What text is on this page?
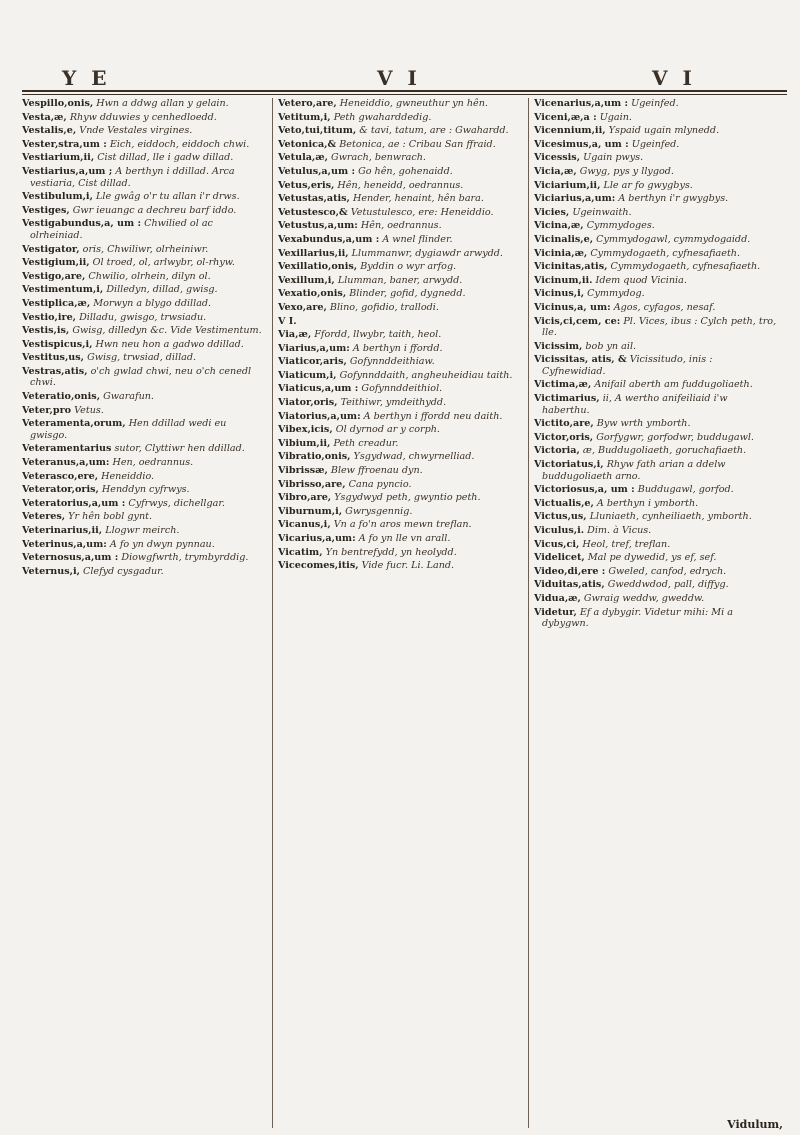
Y E	V I	V I
Vespillo,onis, Hwn a ddwg allan y gelain.
Vesta,æ, Rhyw dduwies y cenhedloedd.
Vestalis,e, Vnde Vestales virgines.
Vester,stra,um : Eich, eiddoch, eiddoch chwi.
Vestiarium,ii, Cist dillad, lle i gadw dillad.
Vestiarius,a,um ; A berthyn i ddillad. Arca vestiaria, Cist dillad.
Vestibulum,i, Lle gwâg o'r tu allan i'r drws.
Vestiges, Gwr ieuangc a dechreu barf iddo.
Vestigabundus,a, um : Chwilied ol ac olrheiniad.
Vestigator, oris, Chwiliwr, olrheiniwr.
Vestigium,ii, Ol troed, ol, arlwybr, ol-rhyw.
Vestigo,are, Chwilio, olrhein, dilyn ol.
Vestimentum,i, Dilledyn, dillad, gwisg.
Vestiplica,æ, Morwyn a blygo ddillad.
Vestio,ire, Dilladu, gwisgo, trwsiadu.
Vestis,is, Gwisg, dilledyn &c. Vide Vestimentum.
Vestispicus,i, Hwn neu hon a gadwo ddillad.
Vestitus,us, Gwisg, trwsiad, dillad.
Vestras,atis, o'ch gwlad chwi, neu o'ch cenedl chwi.
Veteratio,onis, Gwarafun.
Veter,pro Vetus.
Veteramenta,orum, Hen ddillad wedi eu gwisgo.
Veteramentarius sutor, Clyttiwr hen ddillad.
Veteranus,a,um: Hen, oedrannus.
Veterasco,ere, Heneiddio.
Veterator,oris, Henddyn cyfrwys.
Veteratorius,a,um : Cyfrwys, dichellgar.
Veteres, Yr hên bobl gynt.
Veterinarius,ii, Llogwr meirch.
Veterinus,a,um: A fo yn dwyn pynnau.
Veternosus,a,um : Diowgfwrth, trymbyrddig.
Veternus,i, Clefyd cysgadur.
Vetero,are, Heneiddio, gwneuthur yn hên.
Vetitum,i, Peth gwaharddedig.
Veto,tui,titum, & tavi, tatum, are : Gwahardd.
Vetonica,& Betonica, ae : Cribau San ffraid.
Vetula,æ, Gwrach, benwrach.
Vetulus,a,um : Go hên, gohenaidd.
Vetus,eris, Hên, heneidd, oedrannus.
Vetustas,atis, Hender, henaint, hên bara.
Vetustesco,& Vetustulesco, ere: Heneiddio.
Vetustus,a,um: Hên, oedrannus.
Vexabundus,a,um : A wnel flinder.
Vexillarius,ii, Llummanwr, dygiawdr arwydd.
Vexillatio,onis, Byddin o wyr arfog.
Vexillum,i, Llumman, baner, arwydd.
Vexatio,onis, Blinder, gofid, dygnedd.
Vexo,are, Blino, gofidio, trallodi.
V I.
Via,æ, Ffordd, llwybr, taith, heol.
Viarius,a,um: A berthyn i ffordd.
Viaticor,aris, Gofynnddeithiaw.
Viaticum,i, Gofynnddaith, angheuheidiau taith.
Viaticus,a,um : Gofynnddeithiol.
Viator,oris, Teithiwr, ymdeithydd.
Viatorius,a,um: A berthyn i ffordd neu daith.
Vibex,icis, Ol dyrnod ar y corph.
Vibium,ii, Peth creadur.
Vibratio,onis, Ysgydwad, chwyrnelliad.
Vibrissæ, Blew ffroenau dyn.
Vibrisso,are, Cana pyncio.
Vibro,are, Ysgydwyd peth, gwyntio peth.
Viburnum,i, Gwrysgennig.
Vicanus,i, Vn a fo'n aros mewn treflan.
Vicarius,a,um: A fo yn lle vn arall.
Vicatim, Yn bentrefydd, yn heolydd.
Vicecomes,itis, Vide fucr. Li. Land.
Vicenarius,a,um : Ugeinfed.
Viceni,æ,a : Ugain.
Vicennium,ii, Yspaid ugain mlynedd.
Vicesimus,a, um : Ugeinfed.
Vicessis, Ugain pwys.
Vicia,æ, Gwyg, pys y llygod.
Viciarium,ii, Lle ar fo gwygbys.
Viciarius,a,um: A berthyn i'r gwygbys.
Vicies, Ugeinwaith.
Vicina,æ, Cymmydoges.
Vicinalis,e, Cymmydogawl, cymmydogaidd.
Vicinia,æ, Cymmydogaeth, cyfnesafiaeth.
Vicinitas,atis, Cymmydogaeth, cyfnesafiaeth.
Vicinum,ii. Idem quod Vicinia.
Vicinus,i, Cymmydog.
Vicinus,a, um: Agos, cyfagos, nesaf.
Vicis,ci,cem, ce: Pl. Vices, ibus : Cylch peth, tro, lle.
Vicissim, bob yn ail.
Vicissitas, atis, & Vicissitudo, inis : Cyfnewidiad.
Victima,æ, Anifail aberth am fuddugoliaeth.
Victimarius, ii, A wertho anifeiliaid i'w haberthu.
Victito,are, Byw wrth ymborth.
Victor,oris, Gorfygwr, gorfodwr, buddugawl.
Victoria, æ, Buddugoliaeth, goruchafiaeth.
Victoriatus,i, Rhyw fath arian a ddelw buddugoliaeth arno.
Victoriosus,a, um : Buddugawl, gorfod.
Victualis,e, A berthyn i ymborth.
Victus,us, Lluniaeth, cynheiliaeth, ymborth.
Viculus,i. Dim. à Vicus.
Vicus,ci, Heol, tref, treflan.
Videlicet, Mal pe dywedid, ys ef, sef.
Video,di,ere : Gweled, canfod, edrych.
Viduitas,atis, Gweddwdod, pall, diffyg.
Vidua,æ, Gwraig weddw, gweddw.
Videtur, Ef a dybygir. Videtur mihi: Mi a dybygwn.
Vidulum,
